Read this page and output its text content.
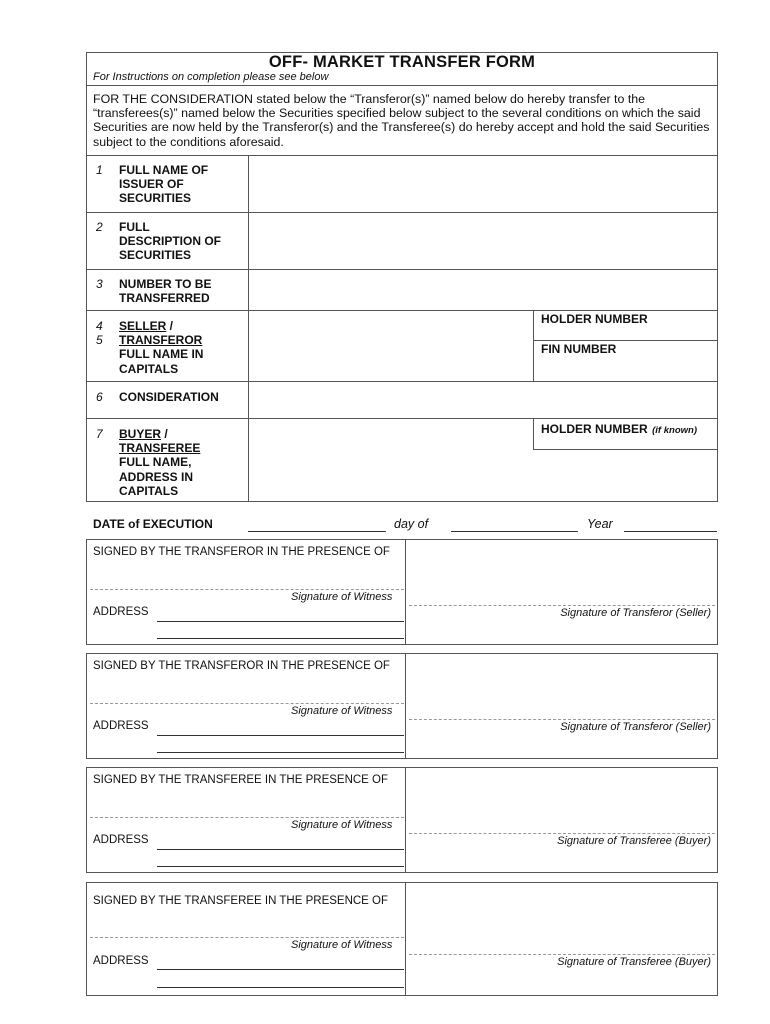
OFF- MARKET TRANSFER FORM
For Instructions on completion please see below
FOR THE CONSIDERATION stated below the “Transferor(s)” named below do hereby transfer to the “transferees(s)” named below the Securities specified below subject to the several conditions on which the said Securities are now held by the Transferor(s) and the Transferee(s) do hereby accept and hold the said Securities subject to the conditions aforesaid.
1 FULL NAME OF
ISSUER OF
SECURITIES
2 FULL
DESCRIPTION OF
SECURITIES
3 NUMBER TO BE
TRANSFERRED
4
5
SELLER /
TRANSFEROR
FULL NAME IN
CAPITALS
HOLDER NUMBER
FIN NUMBER
6 CONSIDERATION
7 BUYER /
TRANSFEREE
FULL NAME,
ADDRESS IN
CAPITALS
HOLDER NUMBER (if known)
DATE of EXECUTION	day of	Year
SIGNED BY THE TRANSFEROR IN THE PRESENCE OF
Signature of Witness
ADDRESS	Signature of Transferor (Seller)
SIGNED BY THE TRANSFEROR IN THE PRESENCE OF
Signature of Witness
ADDRESS	Signature of Transferor (Seller)
SIGNED BY THE TRANSFEREE IN THE PRESENCE OF
Signature of Witness
ADDRESS	Signature of Transferee (Buyer)
SIGNED BY THE TRANSFEREE IN THE PRESENCE OF
Signature of Witness
ADDRESS	Signature of Transferee (Buyer)
